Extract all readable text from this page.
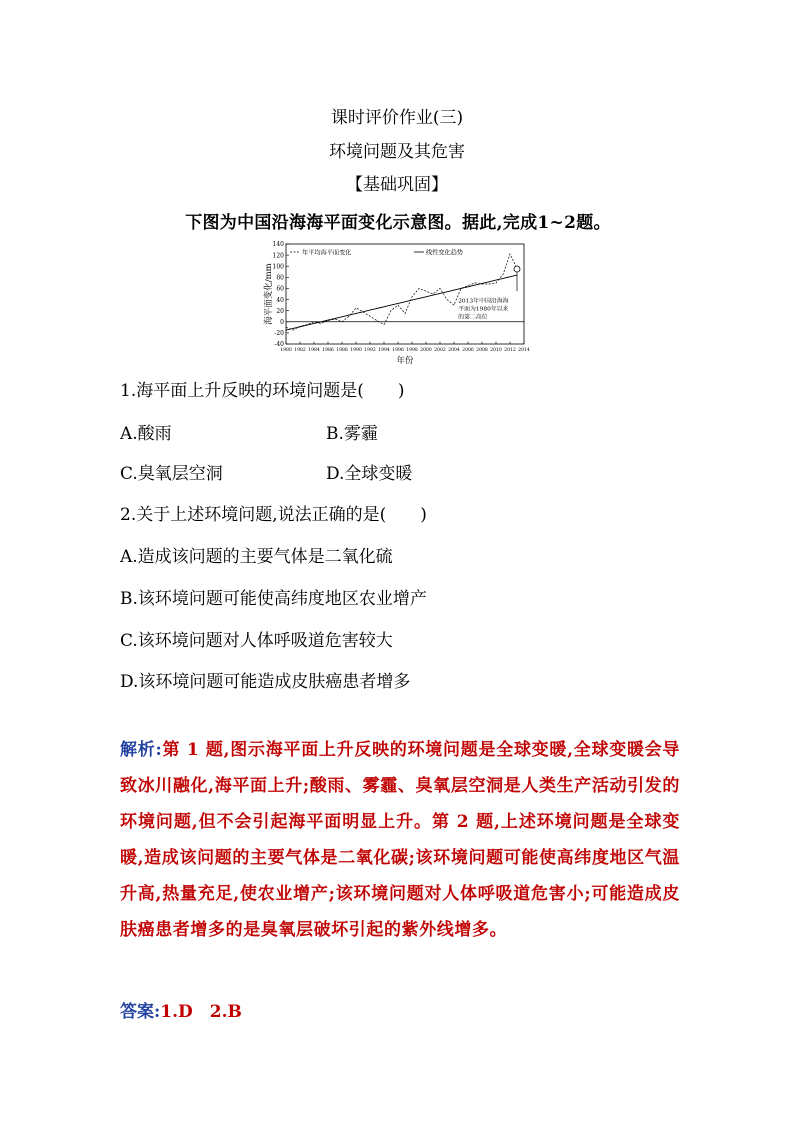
课时评价作业(三)
环境问题及其危害
【基础巩固】
下图为中国沿海海平面变化示意图。据此,完成1~2题。
-40
-20
0
20
40
60
80
100
120
140
1980 1982 1984 1986 1988 1990 1992 1994 1996 1998 2000 2002 2004 2006 2008 2010 2012 2014
年份
海平面变化/mm
年平均海平面变化	线性变化趋势
2013年中国沿海海
平面为1980年以来
的第二高位
1.海平面上升反映的环境问题是(　　)
A.酸雨	B.雾霾
C.臭氧层空洞	D.全球变暖
2.关于上述环境问题,说法正确的是(　　)
A.造成该问题的主要气体是二氧化硫
B.该环境问题可能使高纬度地区农业增产
C.该环境问题对人体呼吸道危害较大
D.该环境问题可能造成皮肤癌患者增多
解析:第 1 题,图示海平面上升反映的环境问题是全球变暖,全球变暖会导致冰川融化,海平面上升;酸雨、雾霾、臭氧层空洞是人类生产活动引发的环境问题,但不会引起海平面明显上升。第 2 题,上述环境问题是全球变暖,造成该问题的主要气体是二氧化碳;该环境问题可能使高纬度地区气温升高,热量充足,使农业增产;该环境问题对人体呼吸道危害小;可能造成皮肤癌患者增多的是臭氧层破坏引起的紫外线增多。
答案:1.D　2.B
